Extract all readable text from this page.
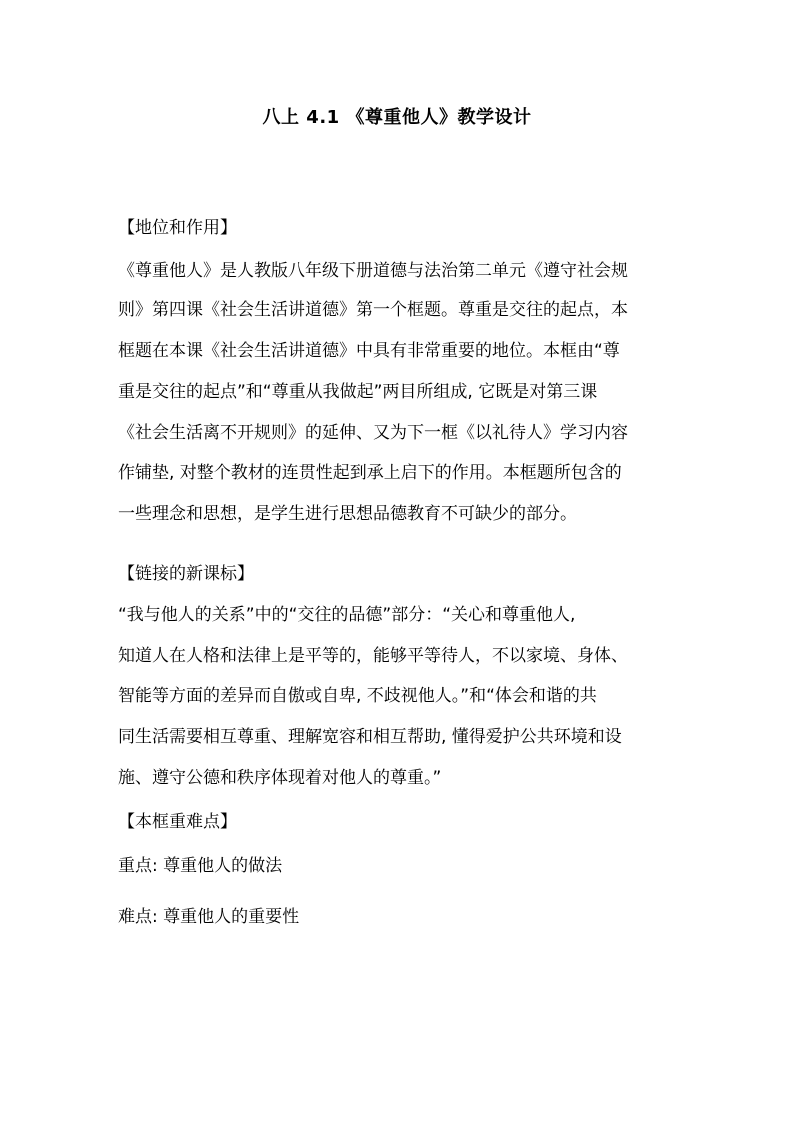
八上 4.1 《尊重他人》教学设计
【地位和作用】
《尊重他人》是人教版八年级下册道德与法治第二单元《遵守社会规
则》第四课《社会生活讲道德》第一个框题。尊重是交往的起点，本
框题在本课《社会生活讲道德》中具有非常重要的地位。本框由“尊
重是交往的起点”和“尊重从我做起”两目所组成, 它既是对第三课
《社会生活离不开规则》的延伸、又为下一框《以礼待人》学习内容
作铺垫, 对整个教材的连贯性起到承上启下的作用。本框题所包含的
一些理念和思想，是学生进行思想品德教育不可缺少的部分。
【链接的新课标】
“我与他人的关系”中的“交往的品德”部分：“关心和尊重他人,
知道人在人格和法律上是平等的，能够平等待人，不以家境、身体、
智能等方面的差异而自傲或自卑, 不歧视他人。”和“体会和谐的共
同生活需要相互尊重、理解宽容和相互帮助, 懂得爱护公共环境和设
施、遵守公德和秩序体现着对他人的尊重。”
【本框重难点】
重点: 尊重他人的做法
难点: 尊重他人的重要性
